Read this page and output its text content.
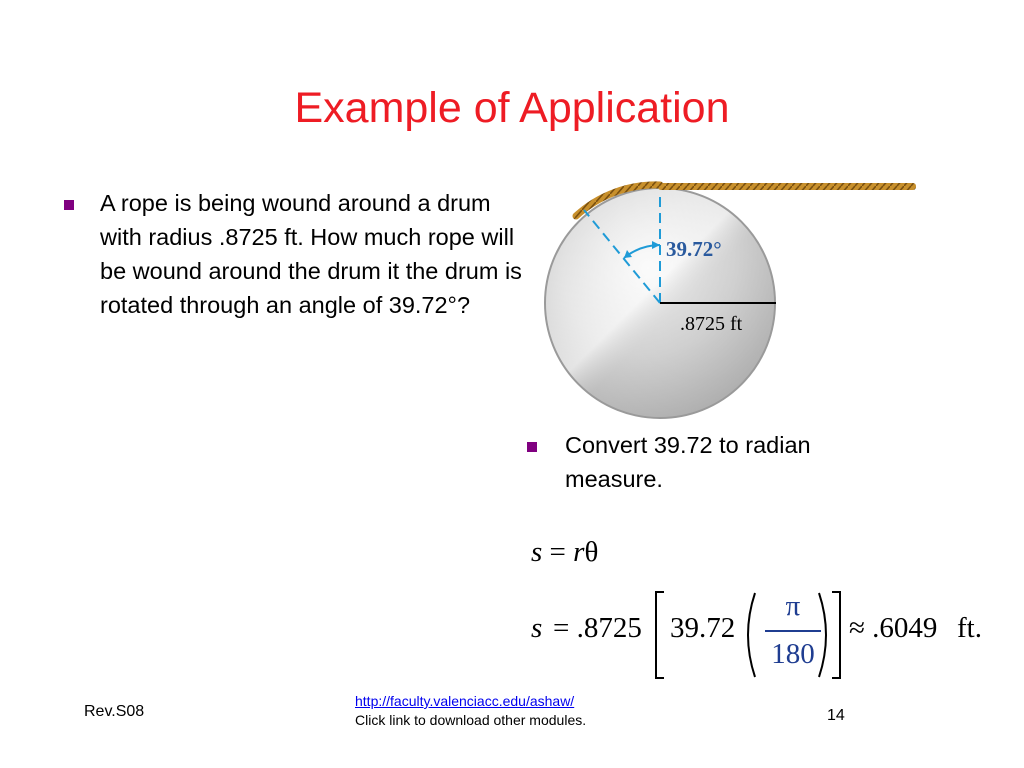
Example of Application
A rope is being wound around a drum with radius .8725 ft. How much rope will be wound around the drum it the drum is rotated through an angle of 39.72°?
39.72°
.8725 ft
Convert 39.72 to radian measure.
s = rθ
s = .8725 39.72
π
180
≈ .6049 ft.
Rev.S08
http://faculty.valenciacc.edu/ashaw/
Click link to download other modules.	14
